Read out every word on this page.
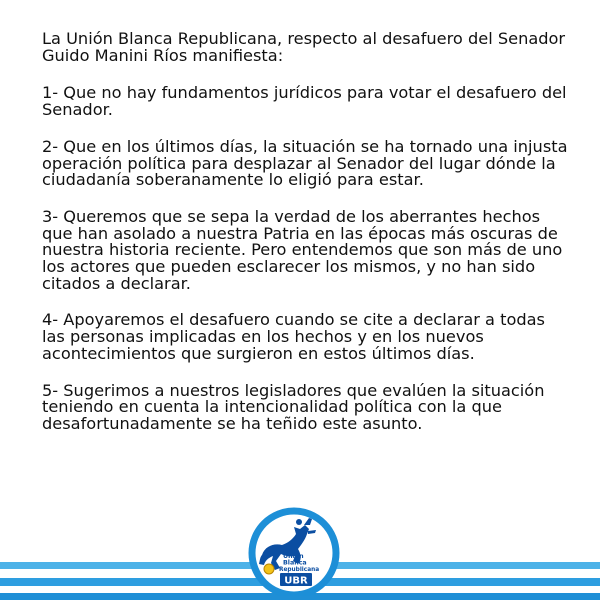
La Unión Blanca Republicana, respecto al desafuero del Senador Guido Manini Ríos manifiesta:

1- Que no hay fundamentos jurídicos para votar el desafuero del Senador.

2- Que en los últimos días, la situación se ha tornado una injusta operación política para desplazar al Senador del lugar dónde la ciudadanía soberanamente lo eligió para estar.

3- Queremos que se sepa la verdad de los aberrantes hechos que han asolado a nuestra Patria en las épocas más oscuras de nuestra historia reciente. Pero entendemos que son más de uno los actores que pueden esclarecer los mismos, y no han sido citados a declarar.

4- Apoyaremos el desafuero cuando se cite a declarar a todas las personas implicadas en los hechos y en los nuevos acontecimientos que surgieron en estos últimos días.

5- Sugerimos a nuestros legisladores que evalúen la situación teniendo en cuenta la intencionalidad política con la que desafortunadamente se ha teñido este asunto.

UBR
Unión
Blanca
Republicana
